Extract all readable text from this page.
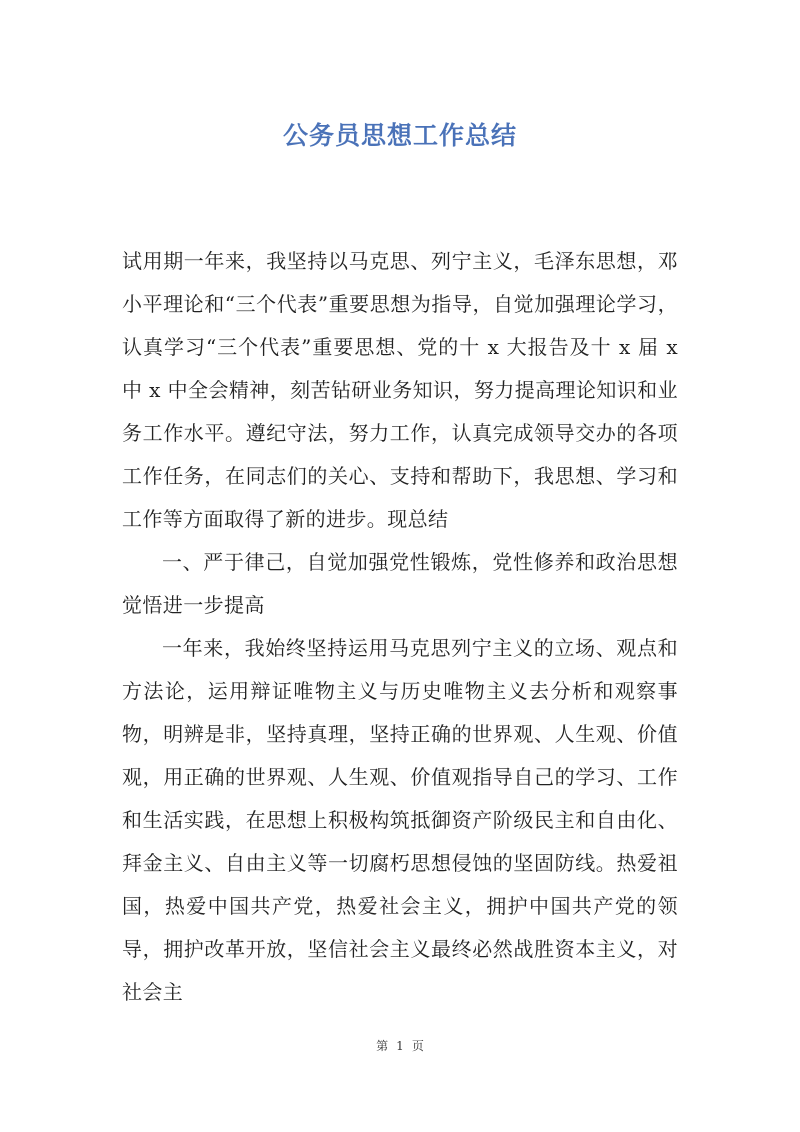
公务员思想工作总结

试用期一年来，我坚持以马克思、列宁主义，毛泽东思想，邓小平理论和“三个代表”重要思想为指导，自觉加强理论学习，认真学习“三个代表”重要思想、党的十 x 大报告及十 x 届 x 中 x 中全会精神，刻苦钻研业务知识，努力提高理论知识和业务工作水平。遵纪守法，努力工作，认真完成领导交办的各项工作任务，在同志们的关心、支持和帮助下，我思想、学习和工作等方面取得了新的进步。现总结

一、严于律己，自觉加强党性锻炼，党性修养和政治思想觉悟进一步提高

一年来，我始终坚持运用马克思列宁主义的立场、观点和方法论，运用辩证唯物主义与历史唯物主义去分析和观察事物，明辨是非，坚持真理，坚持正确的世界观、人生观、价值观，用正确的世界观、人生观、价值观指导自己的学习、工作和生活实践，在思想上积极构筑抵御资产阶级民主和自由化、拜金主义、自由主义等一切腐朽思想侵蚀的坚固防线。热爱祖国，热爱中国共产党，热爱社会主义，拥护中国共产党的领导，拥护改革开放，坚信社会主义最终必然战胜资本主义，对社会主

第 1 页
